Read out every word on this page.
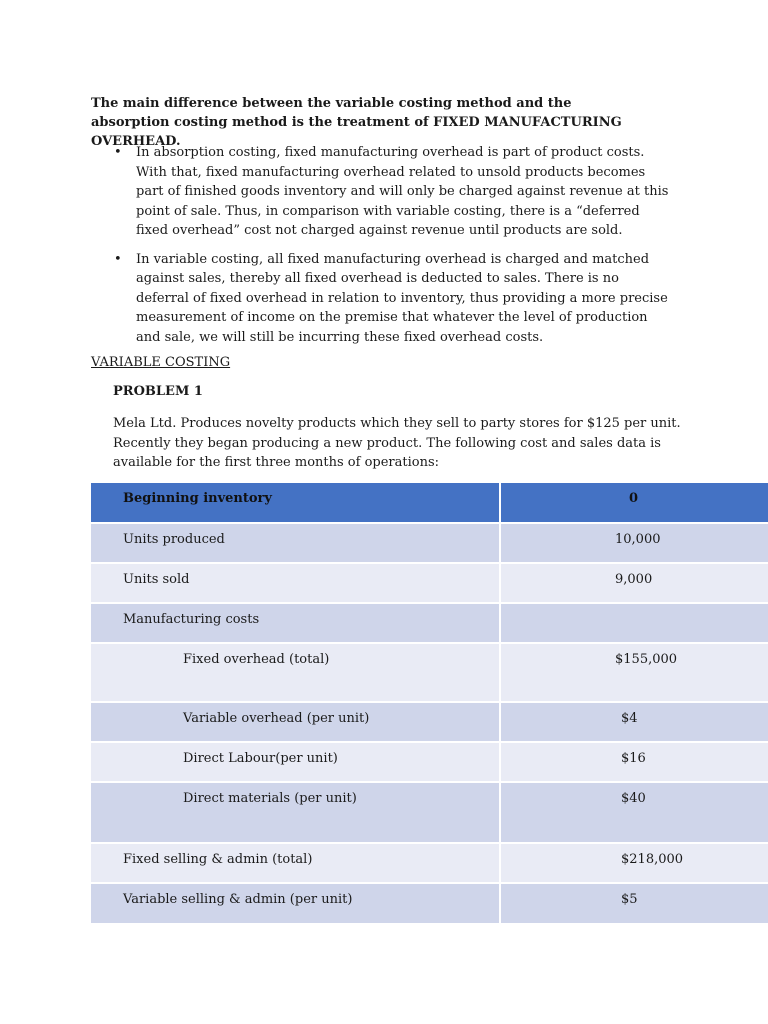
The main difference between the variable costing method and the absorption costing method is the treatment of FIXED MANUFACTURING OVERHEAD.

• In absorption costing, fixed manufacturing overhead is part of product costs. With that, fixed manufacturing overhead related to unsold products becomes part of finished goods inventory and will only be charged against revenue at this point of sale. Thus, in comparison with variable costing, there is a “deferred fixed overhead” cost not charged against revenue until products are sold.
• In variable costing, all fixed manufacturing overhead is charged and matched against sales, thereby all fixed overhead is deducted to sales. There is no deferral of fixed overhead in relation to inventory, thus providing a more precise measurement of income on the premise that whatever the level of production and sale, we will still be incurring these fixed overhead costs.

VARIABLE COSTING

PROBLEM 1

Mela Ltd. Produces novelty products which they sell to party stores for $125 per unit. Recently they began producing a new product. The following cost and sales data is available for the first three months of operations:

Beginning inventory	0

Units produced	10,000

Units sold	9,000

Manufacturing costs	

Fixed overhead (total)	$155,000

Variable overhead (per unit)	$4

Direct Labour(per unit)	$16

Direct materials (per unit)	$40

Fixed selling & admin (total)	$218,000

Variable selling & admin (per unit)	$5
